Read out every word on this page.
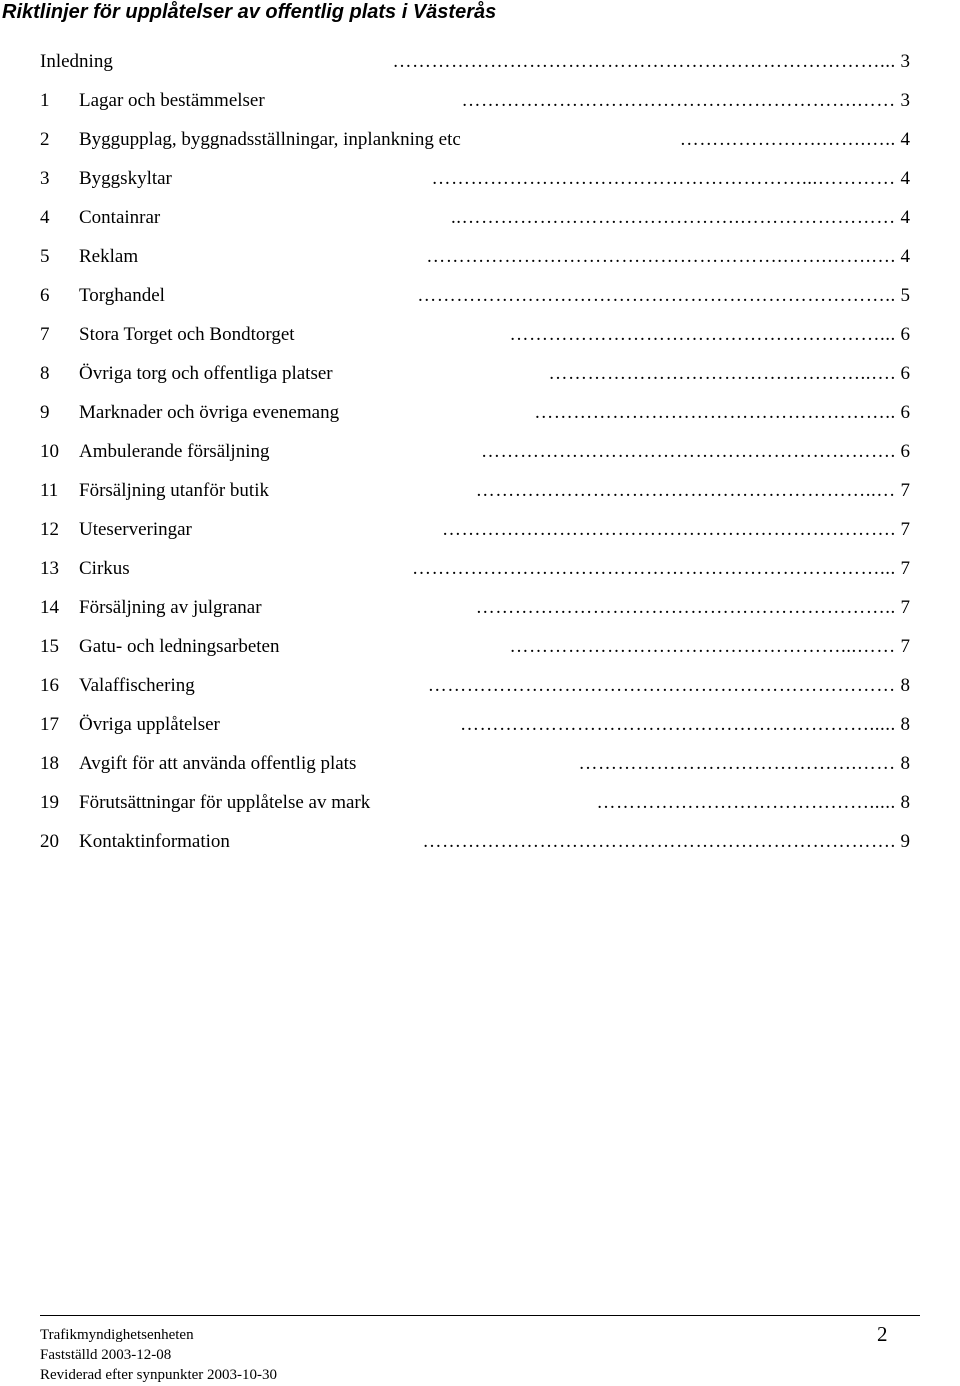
Riktlinjer för upplåtelser av offentlig plats i Västerås
Inledning	…………………………………………………………………... 3
1	Lagar och bestämmelser	…………………………………………………….…… 3
2	Byggupplag, byggnadsställningar, inplankning etc	………………….…….….. 4
3	Byggskyltar	…………………………………………………...………… 4
4	Containrar	..…………………………………….…………………… 4
5	Reklam	……………………………………………….…….…….…. 4
6	Torghandel	……………………………………………………………….. 5
7	Stora Torget och Bondtorget	…………………………………………………... 6
8	Övriga torg och offentliga platser	…………………………………………..…. 6
9	Marknader och övriga evenemang	……………………………………………….. 6
10	Ambulerande försäljning	………………………………………………………. 6
11	Försäljning utanför butik	……………………………………………………..… 7
12	Uteserveringar	……………………………………………………………. 7
13	Cirkus	………………………………………………………………... 7
14	Försäljning av julgranar	……………………………………………………….. 7
15	Gatu- och ledningsarbeten	……………………………………………...…… 7
16	Valaffischering	……………………………………………………………… 8
17	Övriga upplåtelser	………………………………………………………..... 8
18	Avgift för att använda offentlig plats	…………………………………….…… 8
19	Förutsättningar för upplåtelse av mark	……………………………………..... 8
20	Kontaktinformation	………………………………………………………………. 9
Trafikmyndighetsenheten
Fastställd 2003-12-08
Reviderad efter synpunkter 2003-10-30
2
